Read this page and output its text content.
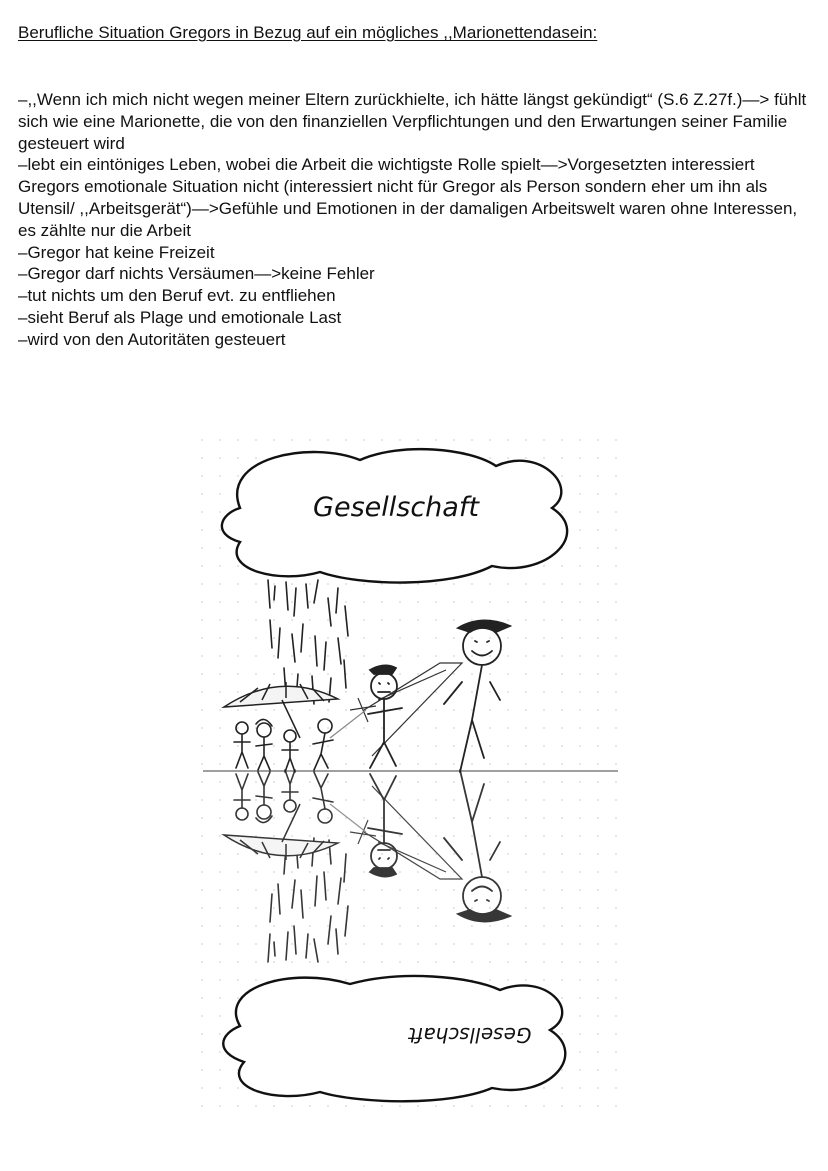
Berufliche Situation Gregors in Bezug auf ein mögliches ,,Marionettendasein:
–,,Wenn ich mich nicht wegen meiner Eltern zurückhielte, ich hätte längst gekündigt“ (S.6 Z.27f.)—> fühlt sich wie eine Marionette, die von den finanziellen Verpflichtungen und den Erwartungen seiner Familie gesteuert wird
–lebt ein eintöniges Leben, wobei die Arbeit die wichtigste Rolle spielt—>Vorgesetzten interessiert Gregors emotionale Situation nicht (interessiert nicht für Gregor als Person sondern eher um ihn als Utensil/ ,,Arbeitsgerät“)—>Gefühle und Emotionen in der damaligen Arbeitswelt waren ohne Interessen, es zählte nur die Arbeit
–Gregor hat keine Freizeit
–Gregor darf nichts Versäumen—>keine Fehler
–tut nichts um den Beruf evt. zu entfliehen
–sieht Beruf als Plage und emotionale Last
–wird von den Autoritäten gesteuert
Gesellschaft
Gesellschaft
